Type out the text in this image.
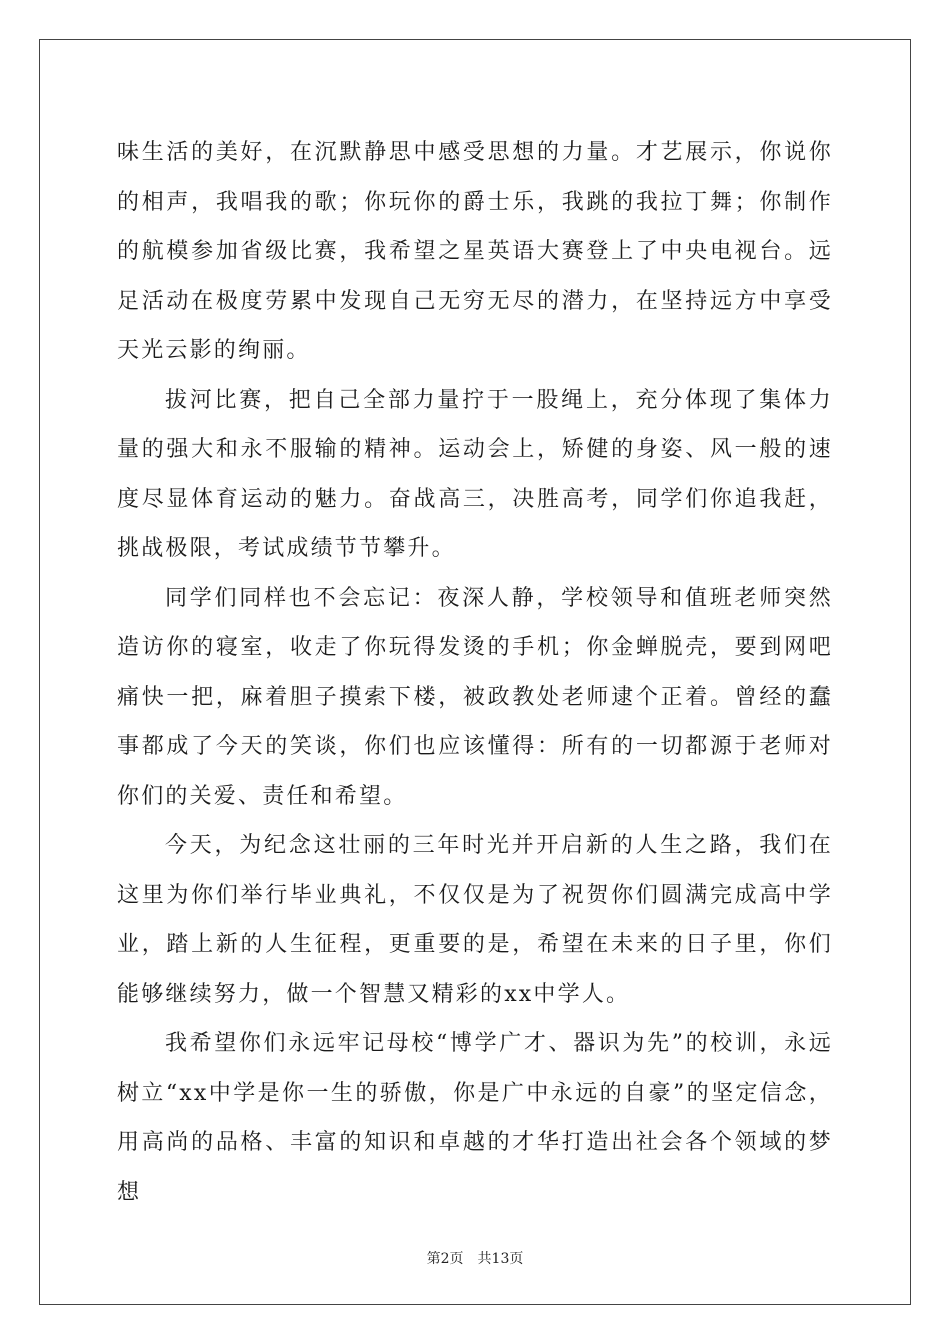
味生活的美好，在沉默静思中感受思想的力量。才艺展示，你说你的相声，我唱我的歌；你玩你的爵士乐，我跳的我拉丁舞；你制作的航模参加省级比赛，我希望之星英语大赛登上了中央电视台。远足活动在极度劳累中发现自己无穷无尽的潜力，在坚持远方中享受天光云影的绚丽。

拔河比赛，把自己全部力量拧于一股绳上，充分体现了集体力量的强大和永不服输的精神。运动会上，矫健的身姿、风一般的速度尽显体育运动的魅力。奋战高三，决胜高考，同学们你追我赶，挑战极限，考试成绩节节攀升。

同学们同样也不会忘记：夜深人静，学校领导和值班老师突然造访你的寝室，收走了你玩得发烫的手机；你金蝉脱壳，要到网吧痛快一把，麻着胆子摸索下楼，被政教处老师逮个正着。曾经的蠢事都成了今天的笑谈，你们也应该懂得：所有的一切都源于老师对你们的关爱、责任和希望。

今天，为纪念这壮丽的三年时光并开启新的人生之路，我们在这里为你们举行毕业典礼，不仅仅是为了祝贺你们圆满完成高中学业，踏上新的人生征程，更重要的是，希望在未来的日子里，你们能够继续努力，做一个智慧又精彩的xx中学人。

我希望你们永远牢记母校“博学广才、器识为先”的校训，永远树立“xx中学是你一生的骄傲，你是广中永远的自豪”的坚定信念，用高尚的品格、丰富的知识和卓越的才华打造出社会各个领域的梦想

第2页 共13页
